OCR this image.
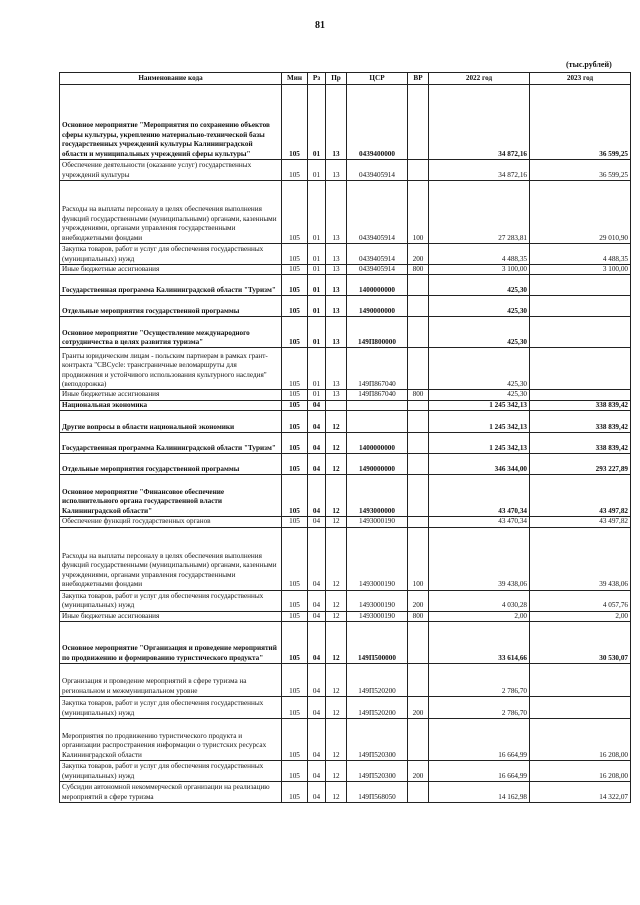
81
(тыс.рублей)
Наименование кода	Мин	Рз	Пр	ЦСР	ВР	2022 год	2023 год
Основное мероприятие "Мероприятия по сохранению объектов сферы культуры, укреплению материально-технической базы государственных учреждений культуры Калининградской области и муниципальных учреждений сферы культуры"	105	01	13	0439400000		34 872,16	36 599,25
Обеспечение деятельности (оказание услуг) государственных учреждений культуры	105	01	13	0439405914		34 872,16	36 599,25
Расходы на выплаты персоналу в целях обеспечения выполнения функций государственными (муниципальными) органами, казенными учреждениями, органами управления государственными внебюджетными фондами	105	01	13	0439405914	100	27 283,81	29 010,90
Закупка товаров, работ и услуг для обеспечения государственных (муниципальных) нужд	105	01	13	0439405914	200	4 488,35	4 488,35
Иные бюджетные ассигнования	105	01	13	0439405914	800	3 100,00	3 100,00
Государственная программа Калининградской области "Туризм"	105	01	13	1400000000		425,30	
Отдельные мероприятия государственной программы	105	01	13	1490000000		425,30	
Основное мероприятие "Осуществление международного сотрудничества в целях развития туризма"	105	01	13	149П800000		425,30	
Гранты юридическим лицам - польским партнерам в рамках грант-контракта "CBCycle: трансграничные веломаршруты для продвижения и устойчивого использования культурного наследия" (веподорожка)	105	01	13	149П867040		425,30	
Иные бюджетные ассигнования	105	01	13	149П867040	800	425,30	
Национальная экономика	105	04				1 245 342,13	338 839,42
Другие вопросы в области национальной экономики	105	04	12			1 245 342,13	338 839,42
Государственная программа Калининградской области "Туризм"	105	04	12	1400000000		1 245 342,13	338 839,42
Отдельные мероприятия государственной программы	105	04	12	1490000000		346 344,00	293 227,89
Основное мероприятие "Финансовое обеспечение исполнительного органа государственной власти Калининградской области"	105	04	12	1493000000		43 470,34	43 497,82
Обеспечение функций государственных органов	105	04	12	1493000190		43 470,34	43 497,82
Расходы на выплаты персоналу в целях обеспечения выполнения функций государственными (муниципальными) органами, казенными учреждениями, органами управления государственными внебюджетными фондами	105	04	12	1493000190	100	39 438,06	39 438,06
Закупка товаров, работ и услуг для обеспечения государственных (муниципальных) нужд	105	04	12	1493000190	200	4 030,28	4 057,76
Иные бюджетные ассигнования	105	04	12	1493000190	800	2,00	2,00
Основное мероприятие "Организация и проведение мероприятий по продвижению и формированию туристического продукта"	105	04	12	149П500000		33 614,66	30 530,07
Организация и проведение мероприятий в сфере туризма на региональном и межмуниципальном уровне	105	04	12	149П520200		2 786,70	
Закупка товаров, работ и услуг для обеспечения государственных (муниципальных) нужд	105	04	12	149П520200	200	2 786,70	
Мероприятия по продвижению туристического продукта и организации распространения информации о туристских ресурсах Калининградской области	105	04	12	149П520300		16 664,99	16 208,00
Закупка товаров, работ и услуг для обеспечения государственных (муниципальных) нужд	105	04	12	149П520300	200	16 664,99	16 208,00
Субсидии автономной некоммерческой организации на реализацию мероприятий в сфере туризма	105	04	12	149П568050		14 162,98	14 322,07
